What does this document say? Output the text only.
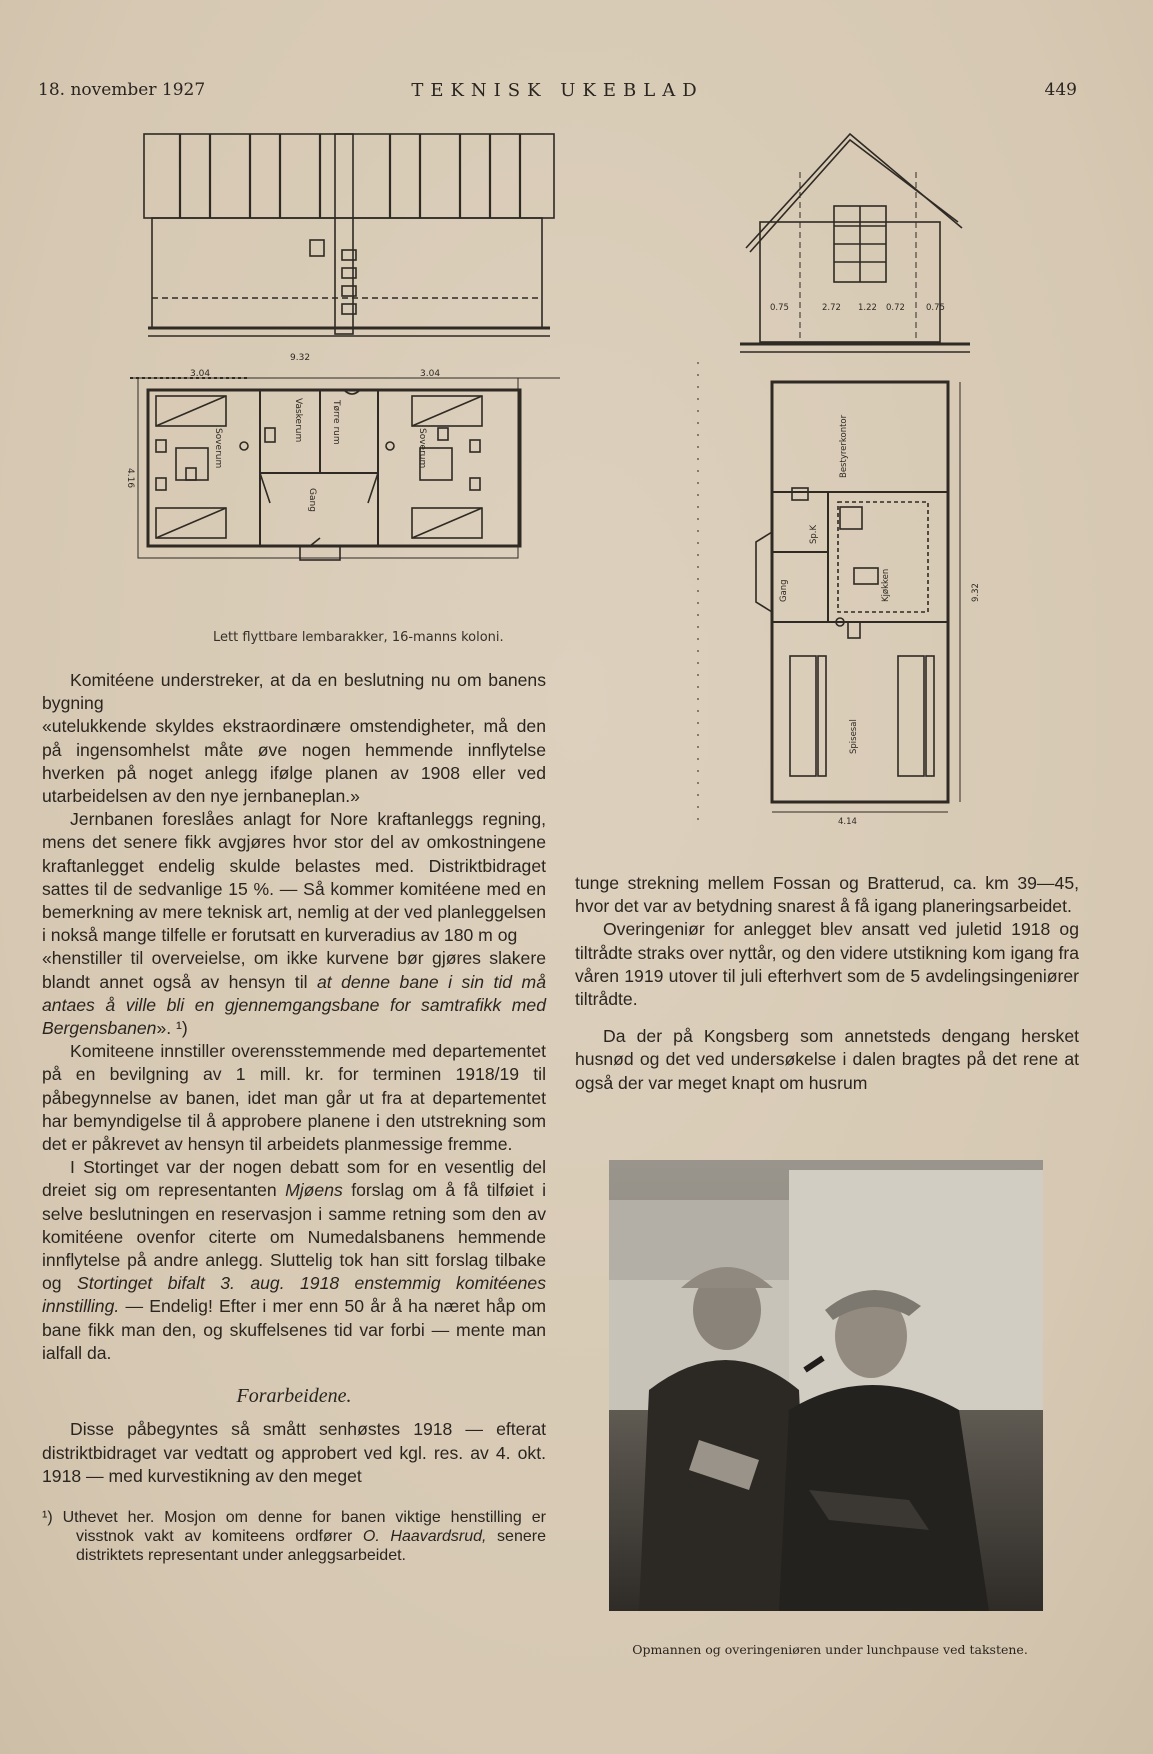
18. november 1927	TEKNISK UKEBLAD	449
9.32
3.04	3.04
4.16
Soverum
Vaskerum	Tørre rum
Gang
Soverum
Lett flyttbare lembarakker, 16-manns koloni.
0.75	2.72 1.22 0.72 0.75
Bestyrerkontor
Kjøkken
Spisesal
Gang
Sp.K
9.32
4.14

Komitéene understreker, at da en beslutning nu om banens bygning

«utelukkende skyldes ekstraordinære omstendigheter, må den på ingensomhelst måte øve nogen hemmende innflytelse hverken på noget anlegg ifølge planen av 1908 eller ved utarbeidelsen av den nye jernbaneplan.»

Jernbanen foreslåes anlagt for Nore kraftanleggs regning, mens det senere fikk avgjøres hvor stor del av omkostningene kraftanlegget endelig skulde belastes med. Distriktbidraget sattes til de sedvanlige 15 %. — Så kommer komitéene med en bemerkning av mere teknisk art, nemlig at der ved planleggelsen i nokså mange tilfelle er forutsatt en kurveradius av 180 m og

«henstiller til overveielse, om ikke kurvene bør gjøres slakere blandt annet også av hensyn til at denne bane i sin tid må antaes å ville bli en gjennemgangsbane for samtrafikk med Bergensbanen». ¹)

Komiteene innstiller overensstemmende med departementet på en bevilgning av 1 mill. kr. for terminen 1918/19 til påbegynnelse av banen, idet man går ut fra at departementet har bemyndigelse til å approbere planene i den utstrekning som det er påkrevet av hensyn til arbeidets planmessige fremme.

I Stortinget var der nogen debatt som for en vesentlig del dreiet sig om representanten Mjøens forslag om å få tilføiet i selve beslutningen en reservasjon i samme retning som den av komitéene ovenfor citerte om Numedalsbanens hemmende innflytelse på andre anlegg. Sluttelig tok han sitt forslag tilbake og Stortinget bifalt 3. aug. 1918 enstemmig komitéenes innstilling. — Endelig! Efter i mer enn 50 år å ha næret håp om bane fikk man den, og skuffelsenes tid var forbi — mente man ialfall da.

Forarbeidene.

Disse påbegyntes så smått senhøstes 1918 — efterat distriktbidraget var vedtatt og approbert ved kgl. res. av 4. okt. 1918 — med kurvestikning av den meget

¹) Uthevet her. Mosjon om denne for banen viktige henstilling er visstnok vakt av komiteens ordfører O. Haavardsrud, senere distriktets representant under anleggsarbeidet.

tunge strekning mellem Fossan og Bratterud, ca. km 39—45, hvor det var av betydning snarest å få igang planeringsarbeidet.

Overingeniør for anlegget blev ansatt ved juletid 1918 og tiltrådte straks over nyttår, og den videre utstikning kom igang fra våren 1919 utover til juli efterhvert som de 5 avdelingsingeniører tiltrådte.

Da der på Kongsberg som annetsteds dengang hersket husnød og det ved undersøkelse i dalen bragtes på det rene at også der var meget knapt om husrum

Opmannen og overingeniøren under lunchpause ved takstene.
